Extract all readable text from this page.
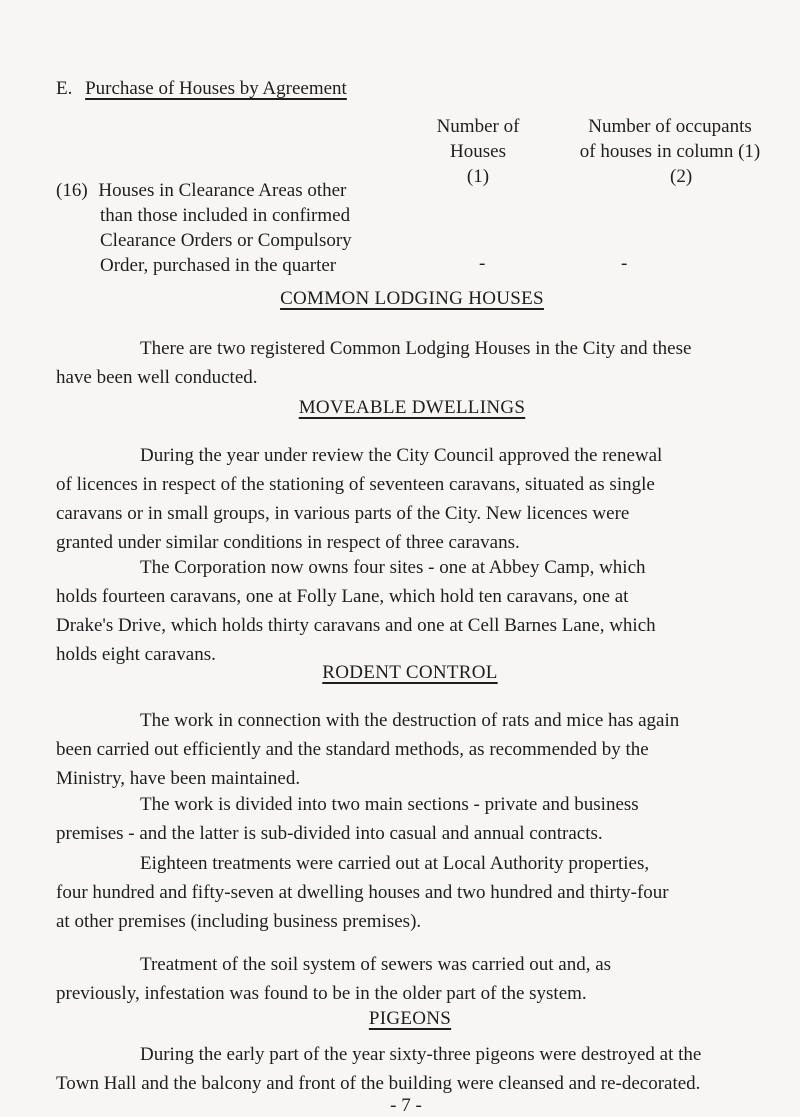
E. Purchase of Houses by Agreement
Number of
Houses
(1)
Number of occupants
of houses in column (1)
(2)
(16) Houses in Clearance Areas other
than those included in confirmed
Clearance Orders or Compulsory
Order, purchased in the quarter	-	-
COMMON LODGING HOUSES
There are two registered Common Lodging Houses in the City and these
have been well conducted.
MOVEABLE DWELLINGS
During the year under review the City Council approved the renewal
of licences in respect of the stationing of seventeen caravans, situated as single
caravans or in small groups, in various parts of the City. New licences were
granted under similar conditions in respect of three caravans.
The Corporation now owns four sites - one at Abbey Camp, which
holds fourteen caravans, one at Folly Lane, which hold ten caravans, one at
Drake's Drive, which holds thirty caravans and one at Cell Barnes Lane, which
holds eight caravans.
RODENT CONTROL
The work in connection with the destruction of rats and mice has again
been carried out efficiently and the standard methods, as recommended by the
Ministry, have been maintained.
The work is divided into two main sections - private and business
premises - and the latter is sub-divided into casual and annual contracts.
Eighteen treatments were carried out at Local Authority properties,
four hundred and fifty-seven at dwelling houses and two hundred and thirty-four
at other premises (including business premises).
Treatment of the soil system of sewers was carried out and, as
previously, infestation was found to be in the older part of the system.
PIGEONS
During the early part of the year sixty-three pigeons were destroyed at the
Town Hall and the balcony and front of the building were cleansed and re-decorated.
- 7 -
